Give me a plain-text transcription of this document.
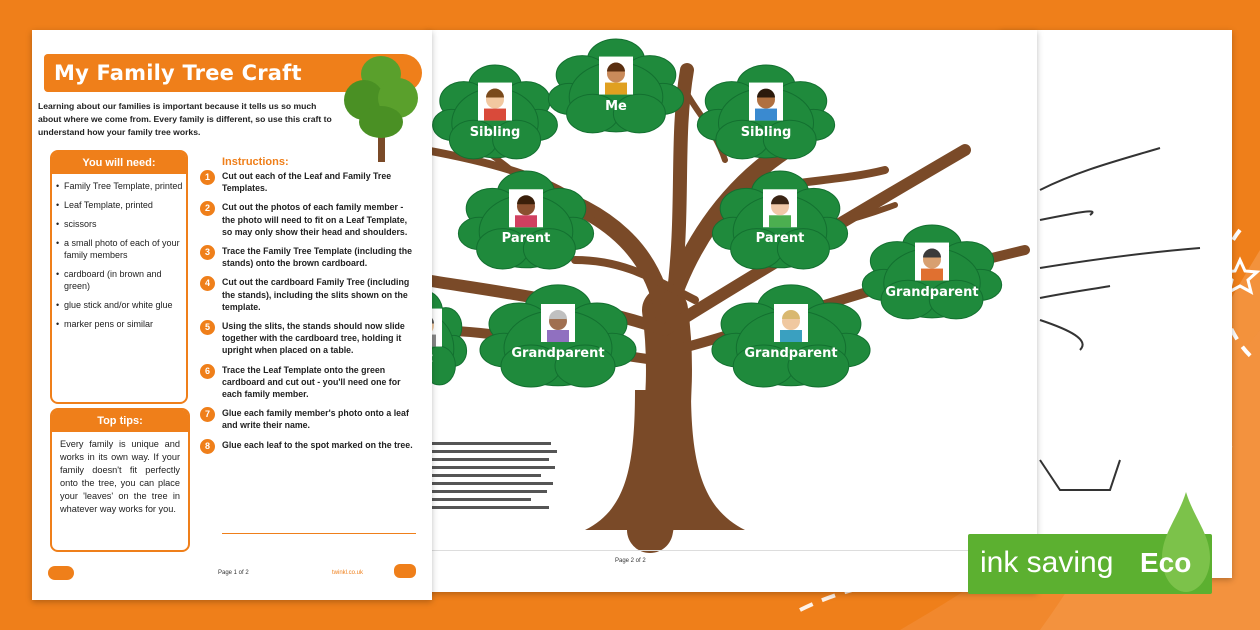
Sibling
Me
Sibling
Parent	Parent
Grandparent
Grandparent	Grandparent
Page 2 of 2
My Family Tree Craft
Learning about our families is important because it tells us so much about where we come from. Every family is different, so use this craft to understand how your family tree works.
You will need:
• Family Tree Template, printed
• Leaf Template, printed
• scissors
• a small photo of each of your family members
• cardboard (in brown and green)
• glue stick and/or white glue
• marker pens or similar
Top tips:

Every family is unique and works in its own way. If your family doesn't fit perfectly onto the tree, you can place your 'leaves' on the tree in whatever way works for you.

Instructions:
1	Cut out each of the Leaf and Family Tree Templates.
2	Cut out the photos of each family member - the photo will need to fit on a Leaf Template, so may only show their head and shoulders.
3	Trace the Family Tree Template (including the stands) onto the brown cardboard.
4	Cut out the cardboard Family Tree (including the stands), including the slits shown on the template.
5	Using the slits, the stands should now slide together with the cardboard tree, holding it upright when placed on a table.
6	Trace the Leaf Template onto the green cardboard and cut out - you'll need one for each family member.
7	Glue each family member's photo onto a leaf and write their name.
8	Glue each leaf to the spot marked on the tree.
Page 1 of 2	twinkl.co.uk	ink saving Eco
